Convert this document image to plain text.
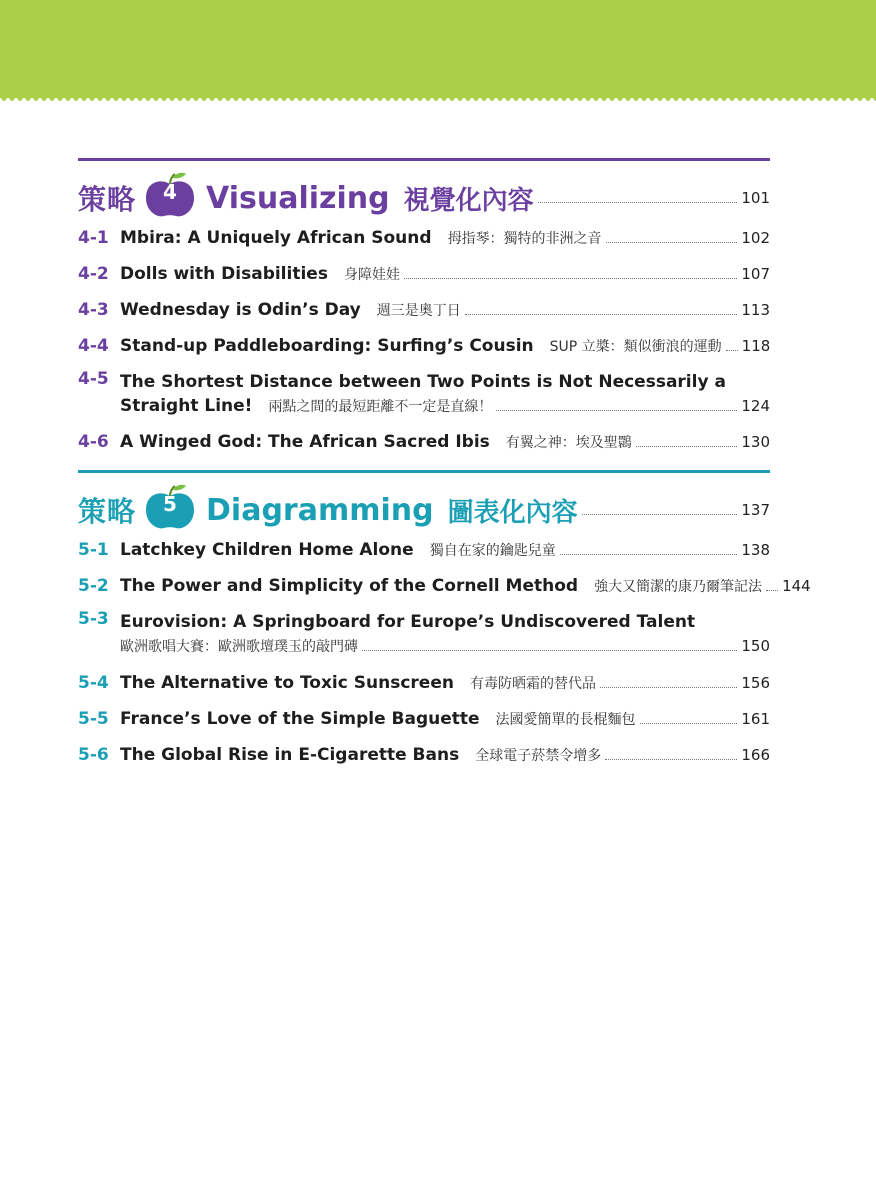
策略	4 Visualizing 視覺化內容	101
4-1 Mbira: A Uniquely African Sound 拇指琴：獨特的非洲之音	102
4-2 Dolls with Disabilities 身障娃娃	107
4-3 Wednesday is Odin’s Day 週三是奧丁日	113
4-4 Stand-up Paddleboarding: Surfing’s Cousin SUP 立槳：類似衝浪的運動 118
4-5 The Shortest Distance between Two Points is Not Necessarily a
Straight Line! 兩點之間的最短距離不一定是直線！	124
4-6 A Winged God: The African Sacred Ibis 有翼之神：埃及聖䴉	130
策略	5 Diagramming 圖表化內容	137
5-1 Latchkey Children Home Alone 獨自在家的鑰匙兒童	138
5-2 The Power and Simplicity of the Cornell Method 強大又簡潔的康乃爾筆記法 144
5-3 Eurovision: A Springboard for Europe’s Undiscovered Talent
歐洲歌唱大賽：歐洲歌壇璞玉的敲門磚	150
5-4 The Alternative to Toxic Sunscreen 有毒防晒霜的替代品	156
5-5 France’s Love of the Simple Baguette 法國愛簡單的長棍麵包	161
5-6 The Global Rise in E-Cigarette Bans 全球電子菸禁令增多	166
